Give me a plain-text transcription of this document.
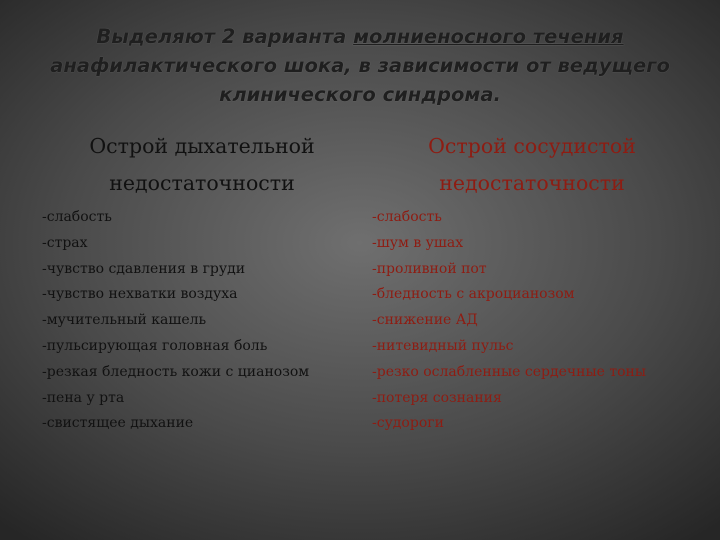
Выделяют 2 варианта молниеносного течения анафилактического шока, в зависимости от ведущего клинического синдрома.
Острой дыхательной
недостаточности
-слабость
-страх
-чувство сдавления в груди
-чувство нехватки воздуха
-мучительный кашель
-пульсирующая головная боль
-резкая бледность кожи с цианозом
-пена у рта
-свистящее дыхание
Острой сосудистой
недостаточности
-слабость
-шум в ушах
-проливной пот
-бледность с акроцианозом
-снижение АД
-нитевидный пульс
-резко ослабленные сердечные тоны
-потеря сознания
-судороги
